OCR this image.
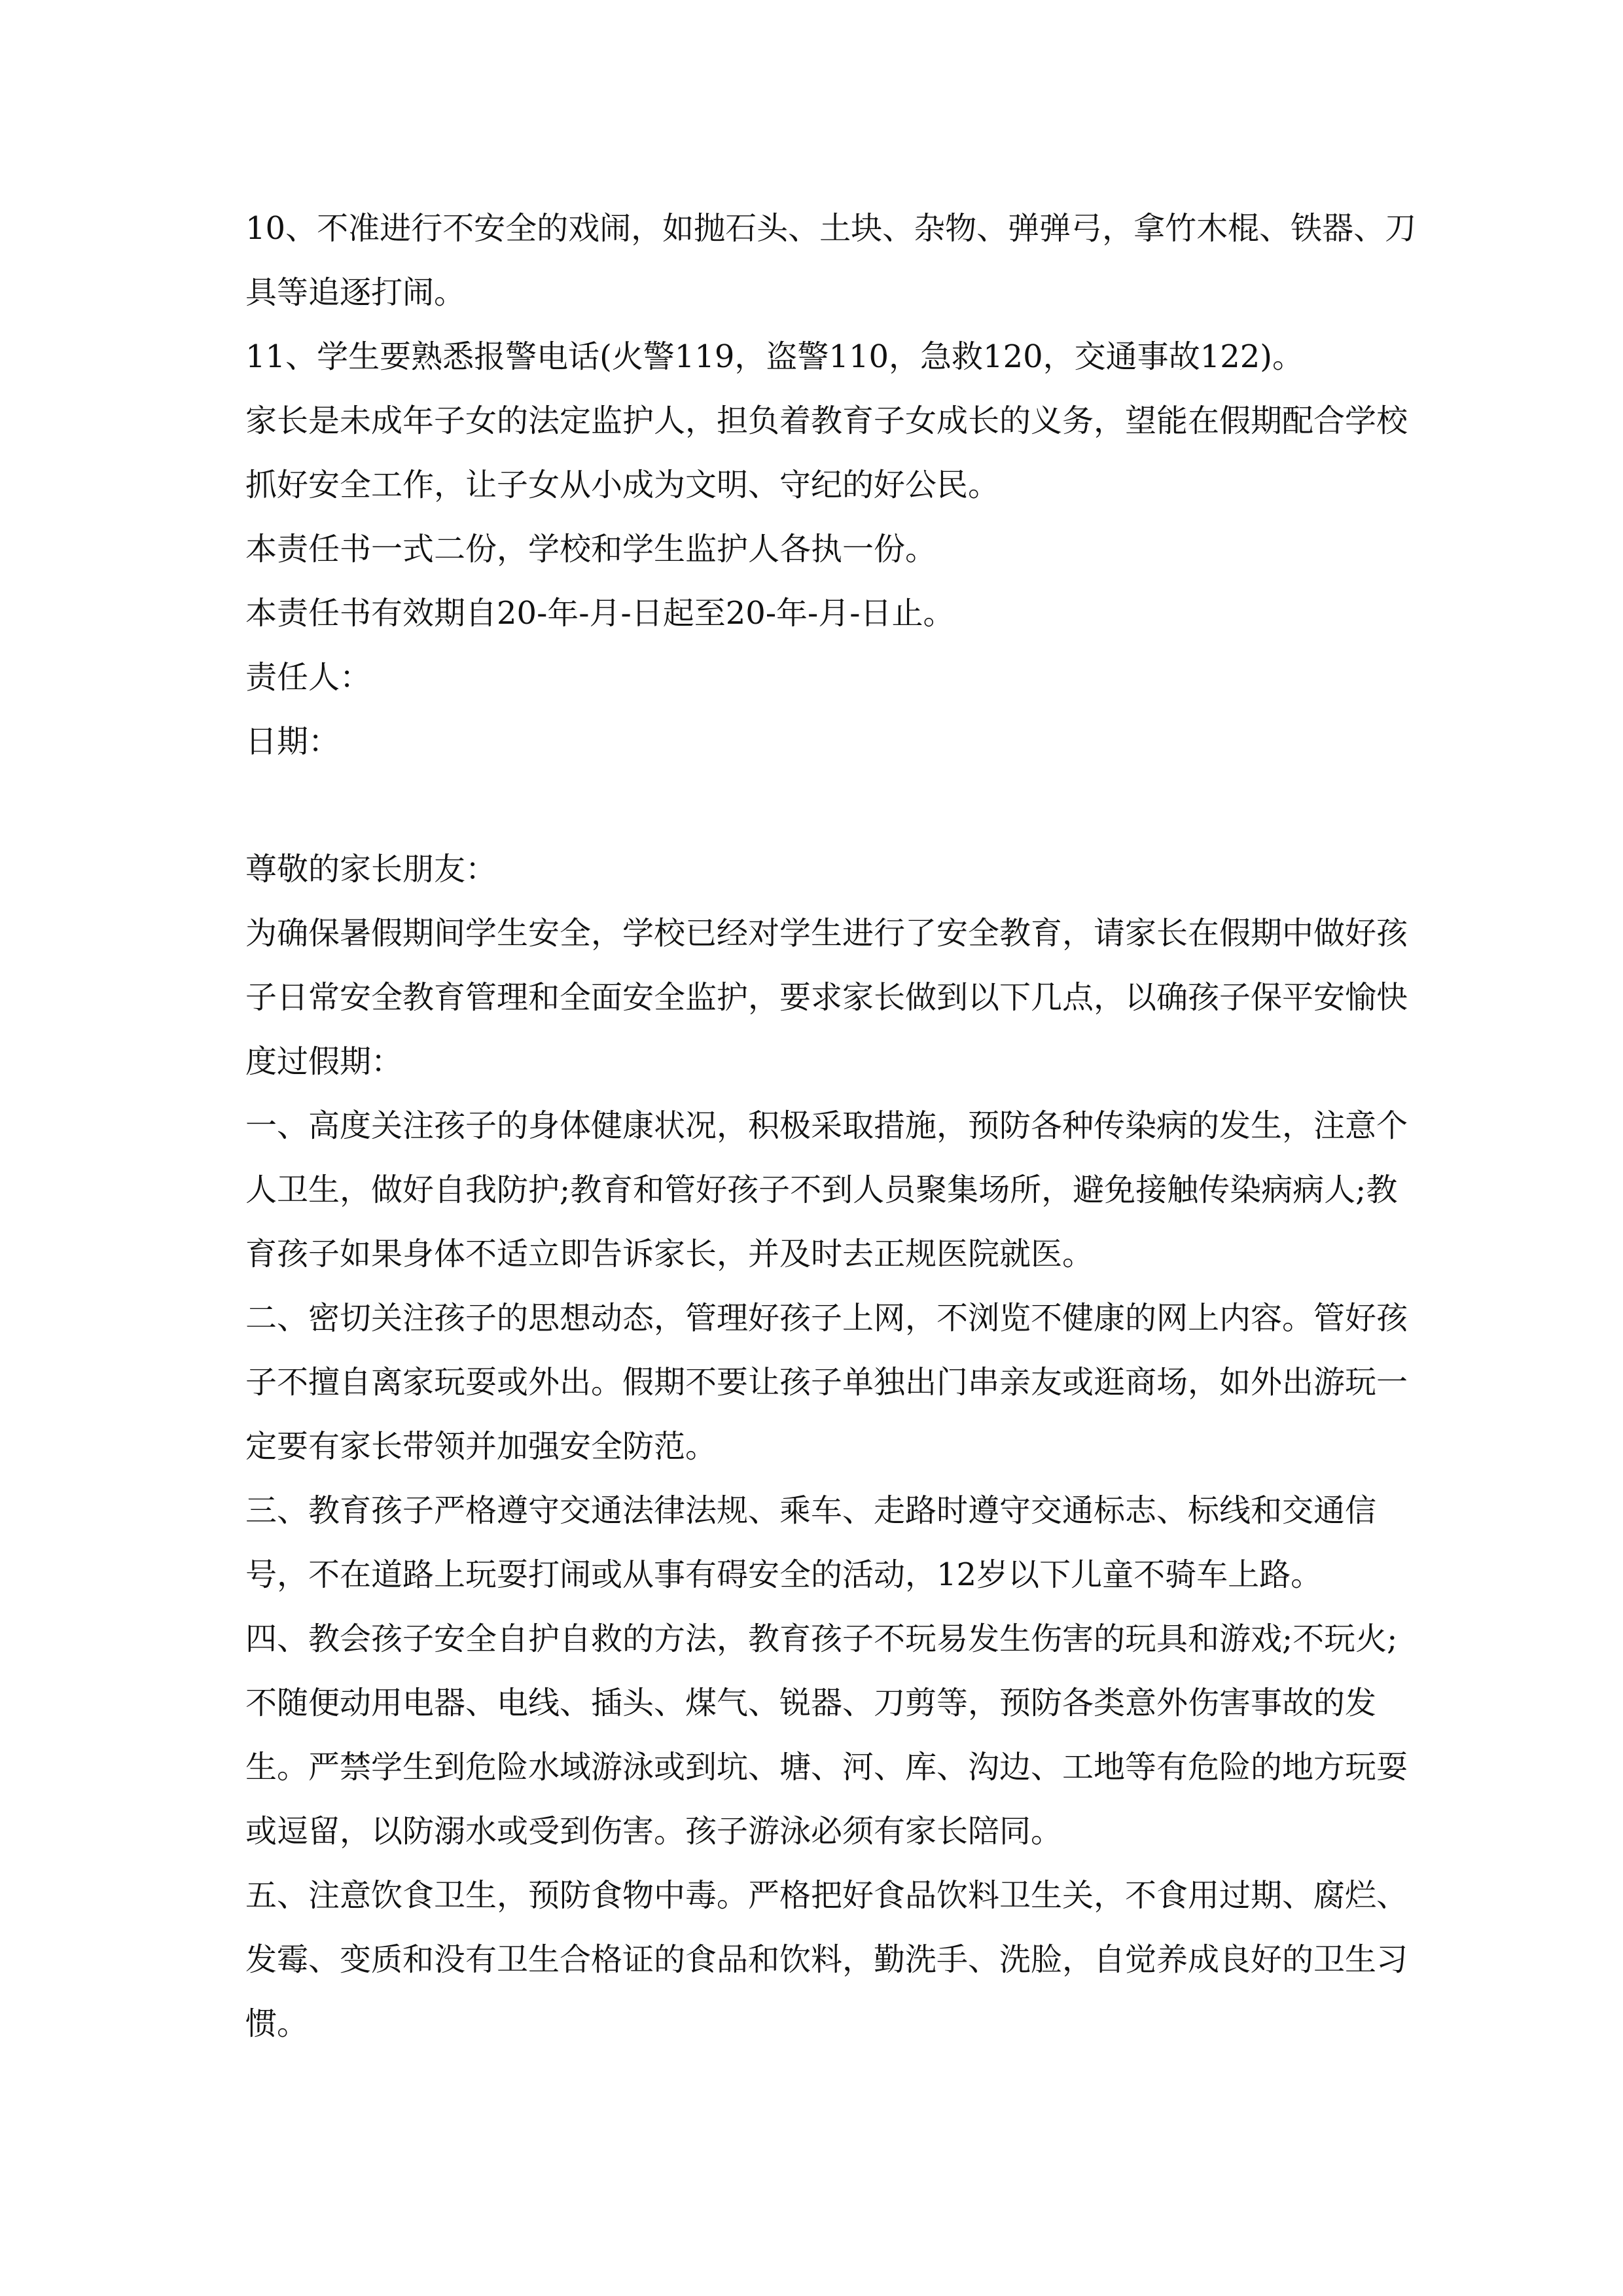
10、不准进行不安全的戏闹，如抛石头、土块、杂物、弹弹弓，拿竹木棍、铁器、刀具等追逐打闹。

11、学生要熟悉报警电话(火警119，盗警110，急救120，交通事故122)。

家长是未成年子女的法定监护人，担负着教育子女成长的义务，望能在假期配合学校抓好安全工作，让子女从小成为文明、守纪的好公民。

本责任书一式二份，学校和学生监护人各执一份。

本责任书有效期自20-年-月-日起至20-年-月-日止。

责任人：

日期：

尊敬的家长朋友：

为确保暑假期间学生安全，学校已经对学生进行了安全教育，请家长在假期中做好孩子日常安全教育管理和全面安全监护，要求家长做到以下几点，以确孩子保平安愉快度过假期：

一、高度关注孩子的身体健康状况，积极采取措施，预防各种传染病的发生，注意个人卫生，做好自我防护;教育和管好孩子不到人员聚集场所，避免接触传染病病人;教育孩子如果身体不适立即告诉家长，并及时去正规医院就医。

二、密切关注孩子的思想动态，管理好孩子上网，不浏览不健康的网上内容。管好孩子不擅自离家玩耍或外出。假期不要让孩子单独出门串亲友或逛商场，如外出游玩一定要有家长带领并加强安全防范。

三、教育孩子严格遵守交通法律法规、乘车、走路时遵守交通标志、标线和交通信号，不在道路上玩耍打闹或从事有碍安全的活动，12岁以下儿童不骑车上路。

四、教会孩子安全自护自救的方法，教育孩子不玩易发生伤害的玩具和游戏;不玩火;不随便动用电器、电线、插头、煤气、锐器、刀剪等，预防各类意外伤害事故的发生。严禁学生到危险水域游泳或到坑、塘、河、库、沟边、工地等有危险的地方玩耍或逗留，以防溺水或受到伤害。孩子游泳必须有家长陪同。

五、注意饮食卫生，预防食物中毒。严格把好食品饮料卫生关，不食用过期、腐烂、发霉、变质和没有卫生合格证的食品和饮料，勤洗手、洗脸，自觉养成良好的卫生习惯。
